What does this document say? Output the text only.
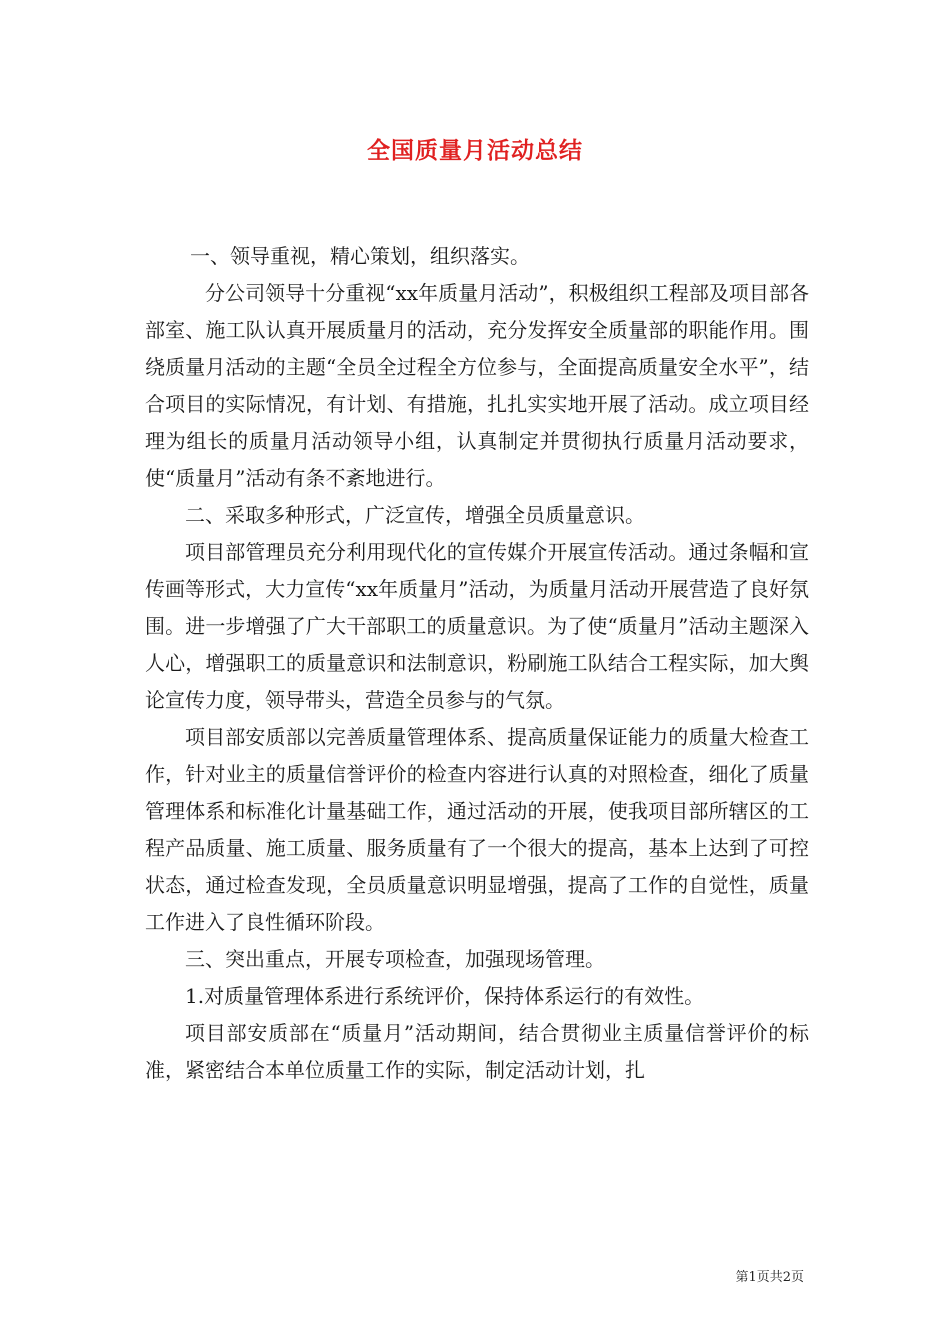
全国质量月活动总结

一、领导重视，精心策划，组织落实。

分公司领导十分重视“xx年质量月活动”，积极组织工程部及项目部各部室、施工队认真开展质量月的活动，充分发挥安全质量部的职能作用。围绕质量月活动的主题“全员全过程全方位参与，全面提高质量安全水平”，结合项目的实际情况，有计划、有措施，扎扎实实地开展了活动。成立项目经理为组长的质量月活动领导小组，认真制定并贯彻执行质量月活动要求，使“质量月”活动有条不紊地进行。

二、采取多种形式，广泛宣传，增强全员质量意识。

项目部管理员充分利用现代化的宣传媒介开展宣传活动。通过条幅和宣传画等形式，大力宣传“xx年质量月”活动，为质量月活动开展营造了良好氛围。进一步增强了广大干部职工的质量意识。为了使“质量月”活动主题深入人心，增强职工的质量意识和法制意识，粉刷施工队结合工程实际，加大舆论宣传力度，领导带头，营造全员参与的气氛。

项目部安质部以完善质量管理体系、提高质量保证能力的质量大检查工作，针对业主的质量信誉评价的检查内容进行认真的对照检查，细化了质量管理体系和标准化计量基础工作，通过活动的开展，使我项目部所辖区的工程产品质量、施工质量、服务质量有了一个很大的提高，基本上达到了可控状态，通过检查发现，全员质量意识明显增强，提高了工作的自觉性，质量工作进入了良性循环阶段。

三、突出重点，开展专项检查，加强现场管理。

1.对质量管理体系进行系统评价，保持体系运行的有效性。

项目部安质部在“质量月”活动期间，结合贯彻业主质量信誉评价的标准，紧密结合本单位质量工作的实际，制定活动计划，扎

第1页共2页
